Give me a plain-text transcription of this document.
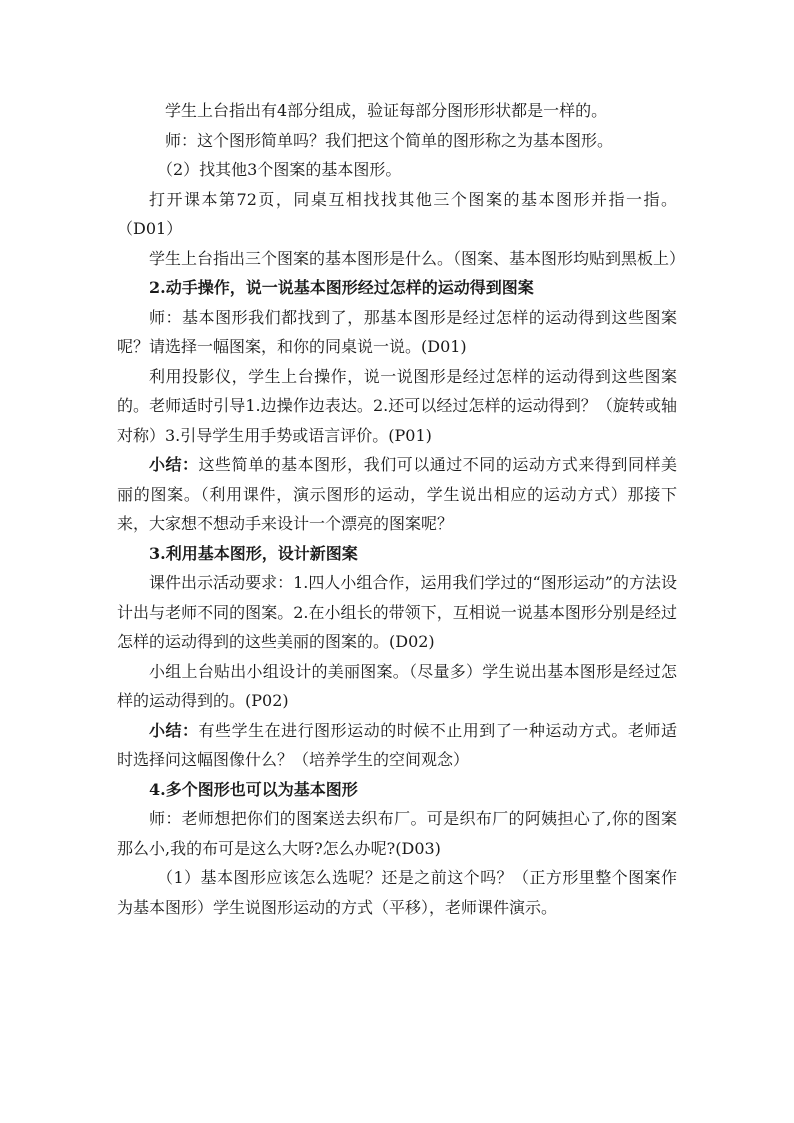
学生上台指出有4部分组成，验证每部分图形形状都是一样的。

师：这个图形简单吗？我们把这个简单的图形称之为基本图形。

（2）找其他3个图案的基本图形。

打开课本第72页，同桌互相找找其他三个图案的基本图形并指一指。（D01）

学生上台指出三个图案的基本图形是什么。（图案、基本图形均贴到黑板上）

2.动手操作，说一说基本图形经过怎样的运动得到图案

师：基本图形我们都找到了，那基本图形是经过怎样的运动得到这些图案呢？请选择一幅图案，和你的同桌说一说。(D01)

利用投影仪，学生上台操作，说一说图形是经过怎样的运动得到这些图案的。老师适时引导1.边操作边表达。2.还可以经过怎样的运动得到？（旋转或轴对称）3.引导学生用手势或语言评价。(P01)

小结：这些简单的基本图形，我们可以通过不同的运动方式来得到同样美丽的图案。（利用课件，演示图形的运动，学生说出相应的运动方式）那接下来，大家想不想动手来设计一个漂亮的图案呢？

3.利用基本图形，设计新图案

课件出示活动要求：1.四人小组合作，运用我们学过的“图形运动”的方法设计出与老师不同的图案。2.在小组长的带领下，互相说一说基本图形分别是经过怎样的运动得到的这些美丽的图案的。(D02)

小组上台贴出小组设计的美丽图案。（尽量多）学生说出基本图形是经过怎样的运动得到的。(P02)

小结：有些学生在进行图形运动的时候不止用到了一种运动方式。老师适时选择问这幅图像什么？（培养学生的空间观念）

4.多个图形也可以为基本图形

师：老师想把你们的图案送去织布厂。可是织布厂的阿姨担心了,你的图案那么小,我的布可是这么大呀?怎么办呢?(D03)

（1）基本图形应该怎么选呢？还是之前这个吗？（正方形里整个图案作为基本图形）学生说图形运动的方式（平移），老师课件演示。
